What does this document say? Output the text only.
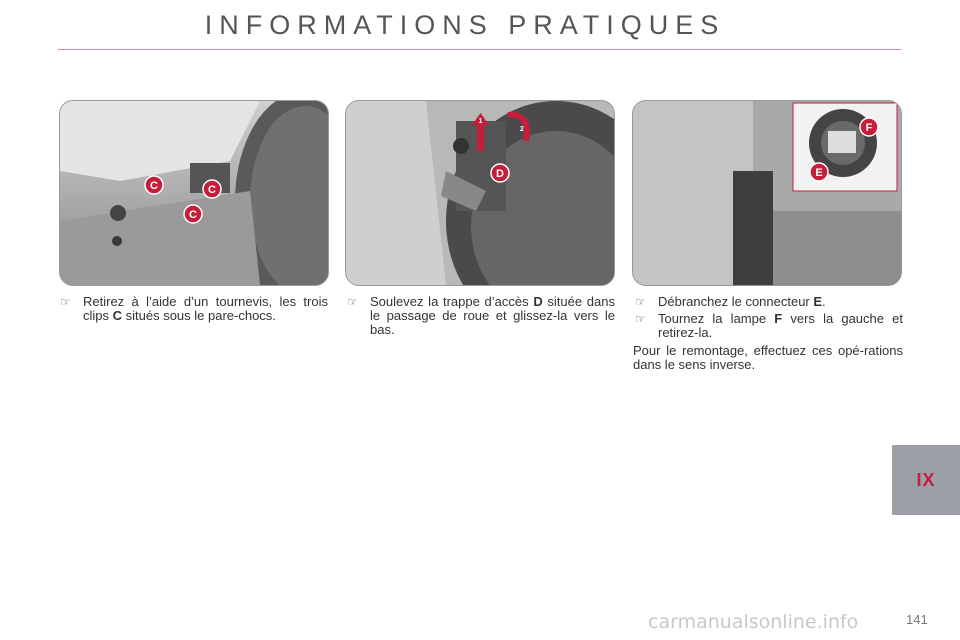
INFORMATIONS PRATIQUES
C	C
C
D
1
2	F
E
☞ Retirez à l’aide d’un tournevis, les trois clips C situés sous le pare-chocs.
☞ Soulevez la trappe d’accès D située dans le passage de roue et glissez-la vers le bas.
☞ Débranchez le connecteur E.
☞ Tournez la lampe F vers la gauche et retirez-la.
Pour le remontage, effectuez ces opé-rations dans le sens inverse.
IX
carmanualsonline.info	141
